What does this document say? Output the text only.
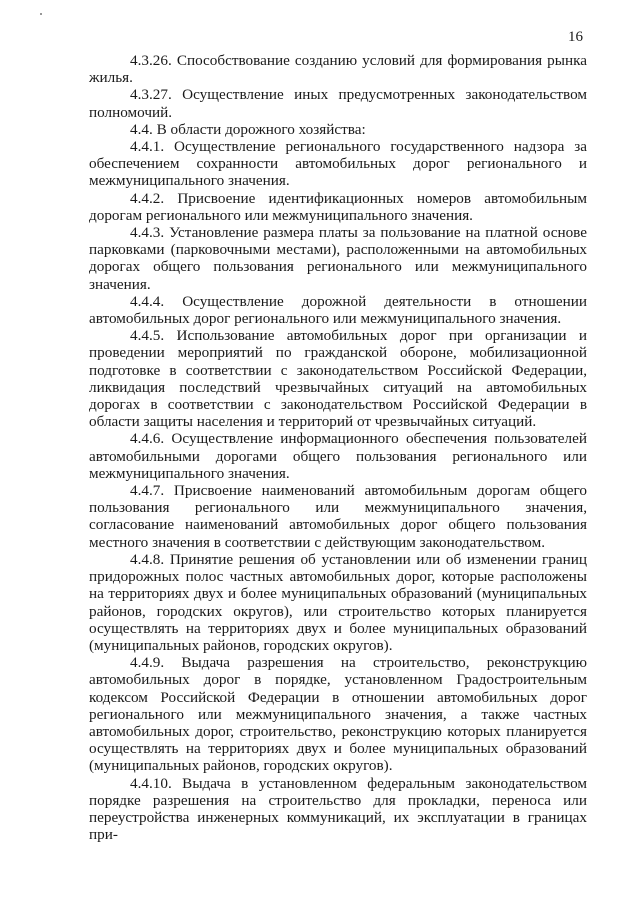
16

4.3.26. Способствование созданию условий для формирования рынка жилья.

4.3.27. Осуществление иных предусмотренных законодательством полномочий.

4.4. В области дорожного хозяйства:

4.4.1. Осуществление регионального государственного надзора за обеспечением сохранности автомобильных дорог регионального и межмуниципального значения.

4.4.2. Присвоение идентификационных номеров автомобильным дорогам регионального или межмуниципального значения.

4.4.3. Установление размера платы за пользование на платной основе парковками (парковочными местами), расположенными на автомобильных дорогах общего пользования регионального или межмуниципального значения.

4.4.4. Осуществление дорожной деятельности в отношении автомобильных дорог регионального или межмуниципального значения.

4.4.5. Использование автомобильных дорог при организации и проведении мероприятий по гражданской обороне, мобилизационной подготовке в соответствии с законодательством Российской Федерации, ликвидация последствий чрезвычайных ситуаций на автомобильных дорогах в соответствии с законодательством Российской Федерации в области защиты населения и территорий от чрезвычайных ситуаций.

4.4.6. Осуществление информационного обеспечения пользователей автомобильными дорогами общего пользования регионального или межмуниципального значения.

4.4.7. Присвоение наименований автомобильным дорогам общего пользования регионального или межмуниципального значения, согласование наименований автомобильных дорог общего пользования местного значения в соответствии с действующим законодательством.

4.4.8. Принятие решения об установлении или об изменении границ придорожных полос частных автомобильных дорог, которые расположены на территориях двух и более муниципальных образований (муниципальных районов, городских округов), или строительство которых планируется осуществлять на территориях двух и более муниципальных образований (муниципальных районов, городских округов).

4.4.9. Выдача разрешения на строительство, реконструкцию автомобильных дорог в порядке, установленном Градостроительным кодексом Российской Федерации в отношении автомобильных дорог регионального или межмуниципального значения, а также частных автомобильных дорог, строительство, реконструкцию которых планируется осуществлять на территориях двух и более муниципальных образований (муниципальных районов, городских округов).

4.4.10. Выдача в установленном федеральным законодательством порядке разрешения на строительство для прокладки, переноса или переустройства инженерных коммуникаций, их эксплуатации в границах при-
